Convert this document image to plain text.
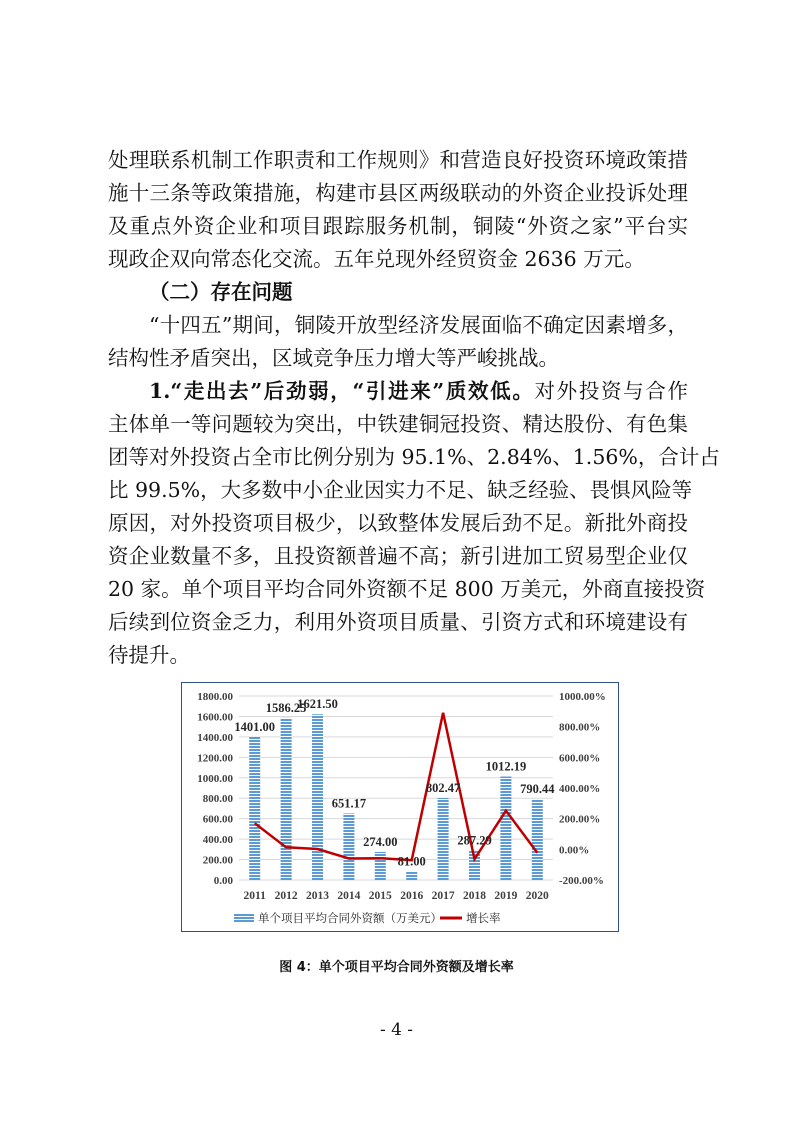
处理联系机制工作职责和工作规则》和营造良好投资环境政策措
施十三条等政策措施，构建市县区两级联动的外资企业投诉处理
及重点外资企业和项目跟踪服务机制，铜陵“外资之家”平台实
现政企双向常态化交流。五年兑现外经贸资金 2636 万元。
（二）存在问题
“十四五”期间，铜陵开放型经济发展面临不确定因素增多，
结构性矛盾突出，区域竞争压力增大等严峻挑战。
1.“走出去”后劲弱，“引进来”质效低。对外投资与合作
主体单一等问题较为突出，中铁建铜冠投资、精达股份、有色集
团等对外投资占全市比例分别为 95.1%、2.84%、1.56%，合计占
比 99.5%，大多数中小企业因实力不足、缺乏经验、畏惧风险等
原因，对外投资项目极少，以致整体发展后劲不足。新批外商投
资企业数量不多，且投资额普遍不高；新引进加工贸易型企业仅
20 家。单个项目平均合同外资额不足 800 万美元，外商直接投资
后续到位资金乏力，利用外资项目质量、引资方式和环境建设有
待提升。
1401.00
1586.25
1621.50
651.17
274.00
81.00
802.47
287.29
1012.19
790.44
0.00
200.00
400.00
600.00
800.00
1000.00
1200.00
1400.00
1600.00
1800.00
-200.00%
0.00%
200.00%
400.00%
600.00%
800.00%
1000.00%
2011 2012 2013 2014 2015 2016 2017 2018 2019 2020
单个项目平均合同外资额（万美元） 增长率
图 4：单个项目平均合同外资额及增长率
- 4 -
